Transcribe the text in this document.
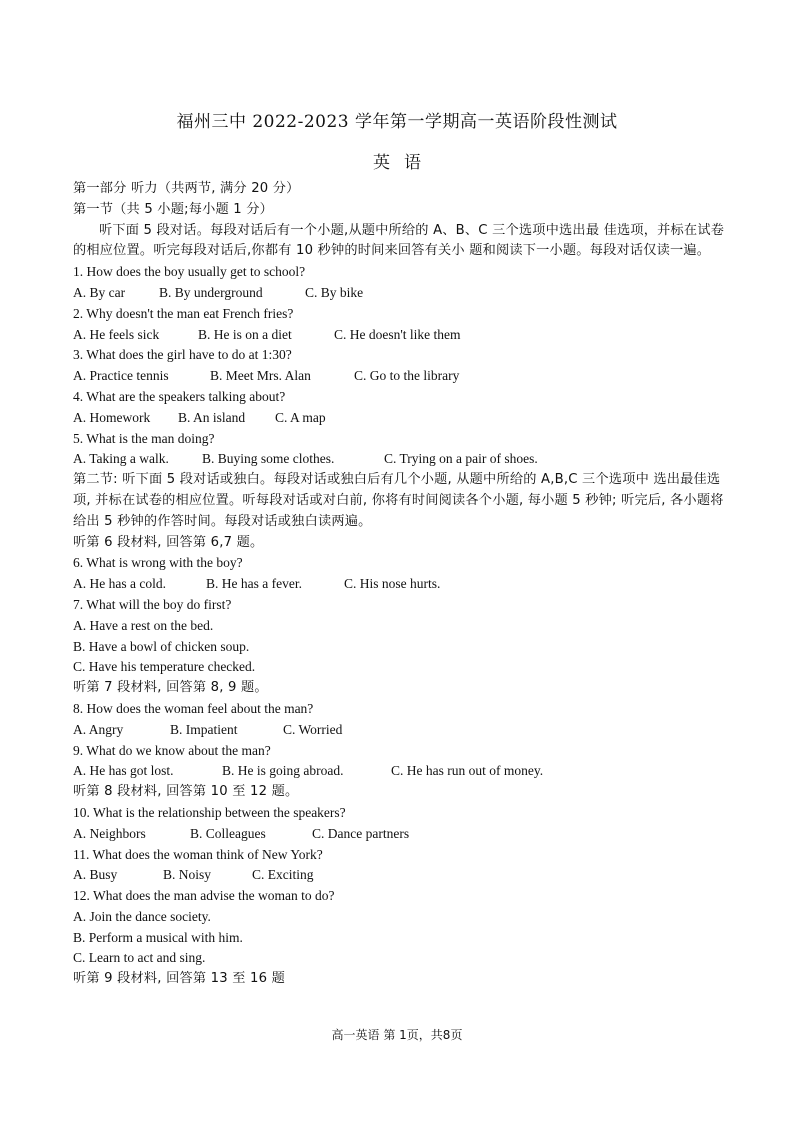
福州三中 2022-2023 学年第一学期高一英语阶段性测试
英语
第一部分 听力（共两节, 满分 20 分）
第一节（共 5 小题;每小题 1 分）
听下面 5 段对话。每段对话后有一个小题,从题中所给的 A、B、C 三个选项中选出最 佳选项，并标在试卷的相应位置。听完每段对话后,你都有 10 秒钟的时间来回答有关小 题和阅读下一小题。每段对话仅读一遍。
1. How does the boy usually get to school?
A. By car	B. By underground	C. By bike
2. Why doesn't the man eat French fries?
A. He feels sick	B. He is on a diet	C. He doesn't like them
3. What does the girl have to do at 1:30?
A. Practice tennis	B. Meet Mrs. Alan	C. Go to the library
4. What are the speakers talking about?
A. Homework B. An island C. A map
5. What is the man doing?
A. Taking a walk. B. Buying some clothes.	C. Trying on a pair of shoes.
第二节: 听下面 5 段对话或独白。每段对话或独白后有几个小题, 从题中所给的 A,B,C 三个选项中 选出最佳选项, 并标在试卷的相应位置。听每段对话或对白前, 你将有时间阅读各个小题, 每小题 5 秒钟; 听完后, 各小题将给出 5 秒钟的作答时间。每段对话或独白读两遍。
听第 6 段材料, 回答第 6,7 题。
6. What is wrong with the boy?
A. He has a cold.	B. He has a fever.	C. His nose hurts.
7. What will the boy do first?
A. Have a rest on the bed.
B. Have a bowl of chicken soup.
C. Have his temperature checked.
听第 7 段材料, 回答第 8, 9 题。
8. How does the woman feel about the man?
A. Angry	B. Impatient	C. Worried
9. What do we know about the man?
A. He has got lost.	B. He is going abroad.	C. He has run out of money.
听第 8 段材料, 回答第 10 至 12 题。
10. What is the relationship between the speakers?
A. Neighbors	B. Colleagues	C. Dance partners
11. What does the woman think of New York?
A. Busy	B. Noisy	C. Exciting
12. What does the man advise the woman to do?
A. Join the dance society.
B. Perform a musical with him.
C. Learn to act and sing.
听第 9 段材料, 回答第 13 至 16 题
高一英语 第 1页，共8页
